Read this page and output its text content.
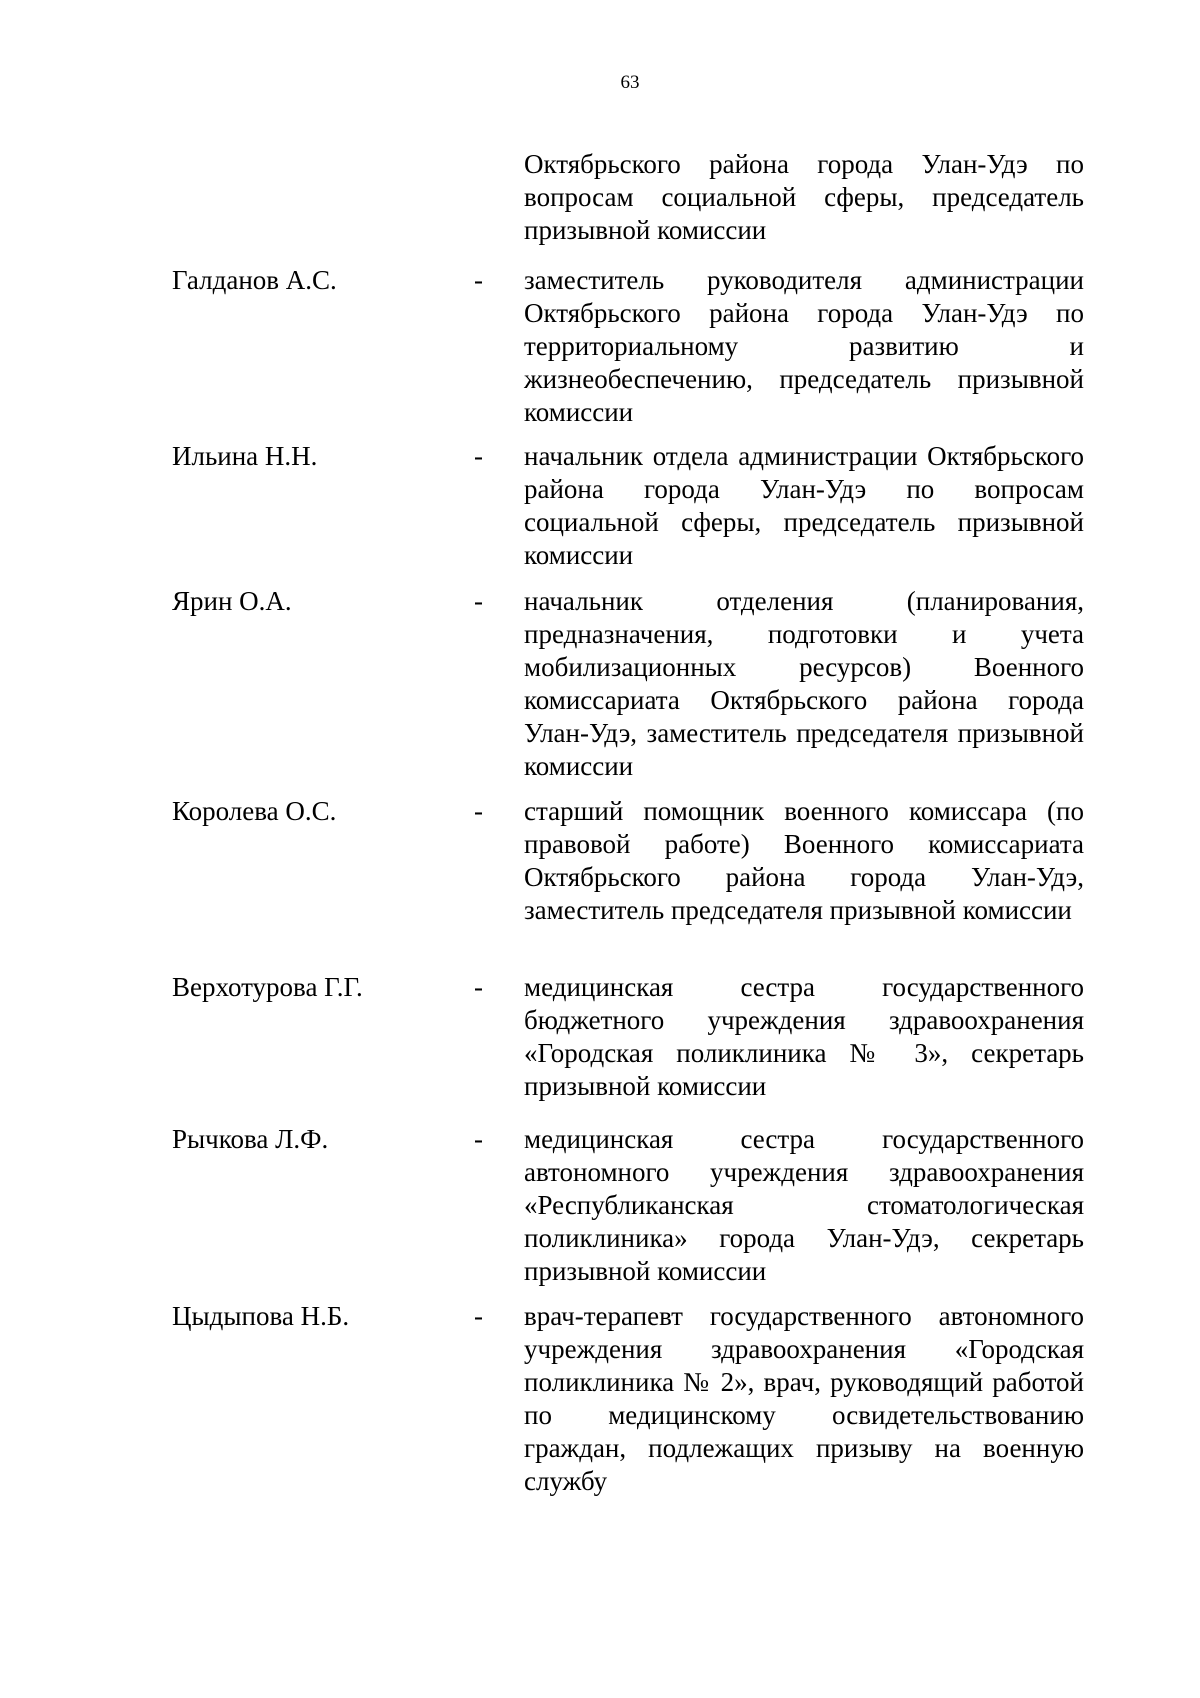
63

Октябрьского района города Улан-Удэ по вопросам социальной сферы, председатель призывной комиссии

Галданов А.С.	- заместитель руководителя администрации Октябрьского района города Улан-Удэ по территориальному развитию и жизнеобеспечению, председатель призывной комиссии

Ильина Н.Н.	- начальник отдела администрации Октябрьского района города Улан-Удэ по вопросам социальной сферы, председатель призывной комиссии

Ярин О.А.	- начальник отделения (планирования, предназначения, подготовки и учета мобилизационных ресурсов) Военного комиссариата Октябрьского района города Улан-Удэ, заместитель председателя призывной комиссии

Королева О.С.	- старший помощник военного комиссара (по правовой работе) Военного комиссариата Октябрьского района города Улан-Удэ, заместитель председателя призывной комиссии

Верхотурова Г.Г.	- медицинская сестра государственного бюджетного учреждения здравоохранения «Городская поликлиника № 3», секретарь призывной комиссии

Рычкова Л.Ф.	- медицинская сестра государственного автономного учреждения здравоохранения «Республиканская стоматологическая поликлиника» города Улан-Удэ, секретарь призывной комиссии

Цыдыпова Н.Б.	- врач-терапевт государственного автономного учреждения здравоохранения «Городская поликлиника № 2», врач, руководящий работой по медицинскому освидетельствованию граждан, подлежащих призыву на военную службу
